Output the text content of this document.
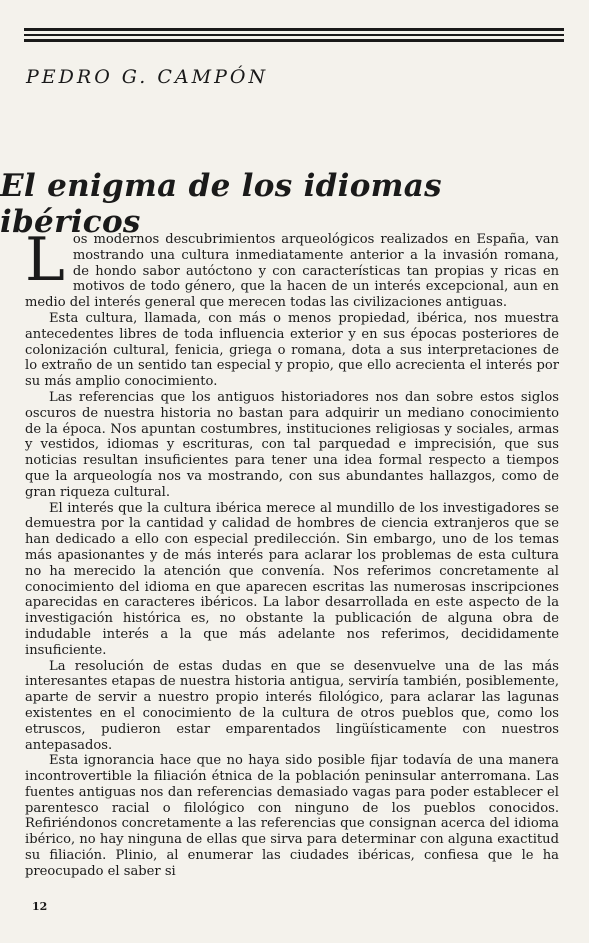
PEDRO G. CAMPÓN
El enigma de los idiomas ibéricos

Los modernos descubrimientos arqueológicos realizados en España, van mostrando una cultura inmediatamente anterior a la invasión romana, de hondo sabor autóctono y con características tan propias y ricas en motivos de todo género, que la hacen de un interés excepcional, aun en medio del interés general que merecen todas las civilizaciones antiguas.

Esta cultura, llamada, con más o menos propiedad, ibérica, nos muestra antecedentes libres de toda influencia exterior y en sus épocas posteriores de colonización cultural, fenicia, griega o romana, dota a sus interpretaciones de lo extraño de un sentido tan especial y propio, que ello acrecienta el interés por su más amplio conocimiento.

Las referencias que los antiguos historiadores nos dan sobre estos siglos oscuros de nuestra historia no bastan para adquirir un mediano conocimiento de la época. Nos apuntan costumbres, instituciones religiosas y sociales, armas y vestidos, idiomas y escrituras, con tal parquedad e imprecisión, que sus noticias resultan insuficientes para tener una idea formal respecto a tiempos que la arqueología nos va mostrando, con sus abundantes hallazgos, como de gran riqueza cultural.

El interés que la cultura ibérica merece al mundillo de los investigadores se demuestra por la cantidad y calidad de hombres de ciencia extranjeros que se han dedicado a ello con especial predilección. Sin embargo, uno de los temas más apasionantes y de más interés para aclarar los problemas de esta cultura no ha merecido la atención que convenía. Nos referimos concretamente al conocimiento del idioma en que aparecen escritas las numerosas inscripciones aparecidas en caracteres ibéricos. La labor desarrollada en este aspecto de la investigación histórica es, no obstante la publicación de alguna obra de indudable interés a la que más adelante nos referimos, decididamente insuficiente.

La resolución de estas dudas en que se desenvuelve una de las más interesantes etapas de nuestra historia antigua, serviría también, posiblemente, aparte de servir a nuestro propio interés filológico, para aclarar las lagunas existentes en el conocimiento de la cultura de otros pueblos que, como los etruscos, pudieron estar emparentados lingüísticamente con nuestros antepasados.

Esta ignorancia hace que no haya sido posible fijar todavía de una manera incontrovertible la filiación étnica de la población peninsular anterromana. Las fuentes antiguas nos dan referencias demasiado vagas para poder establecer el parentesco racial o filológico con ninguno de los pueblos conocidos. Refiriéndonos concretamente a las referencias que consignan acerca del idioma ibérico, no hay ninguna de ellas que sirva para determinar con alguna exactitud su filiación. Plinio, al enumerar las ciudades ibéricas, confiesa que le ha preocupado el saber si

12
